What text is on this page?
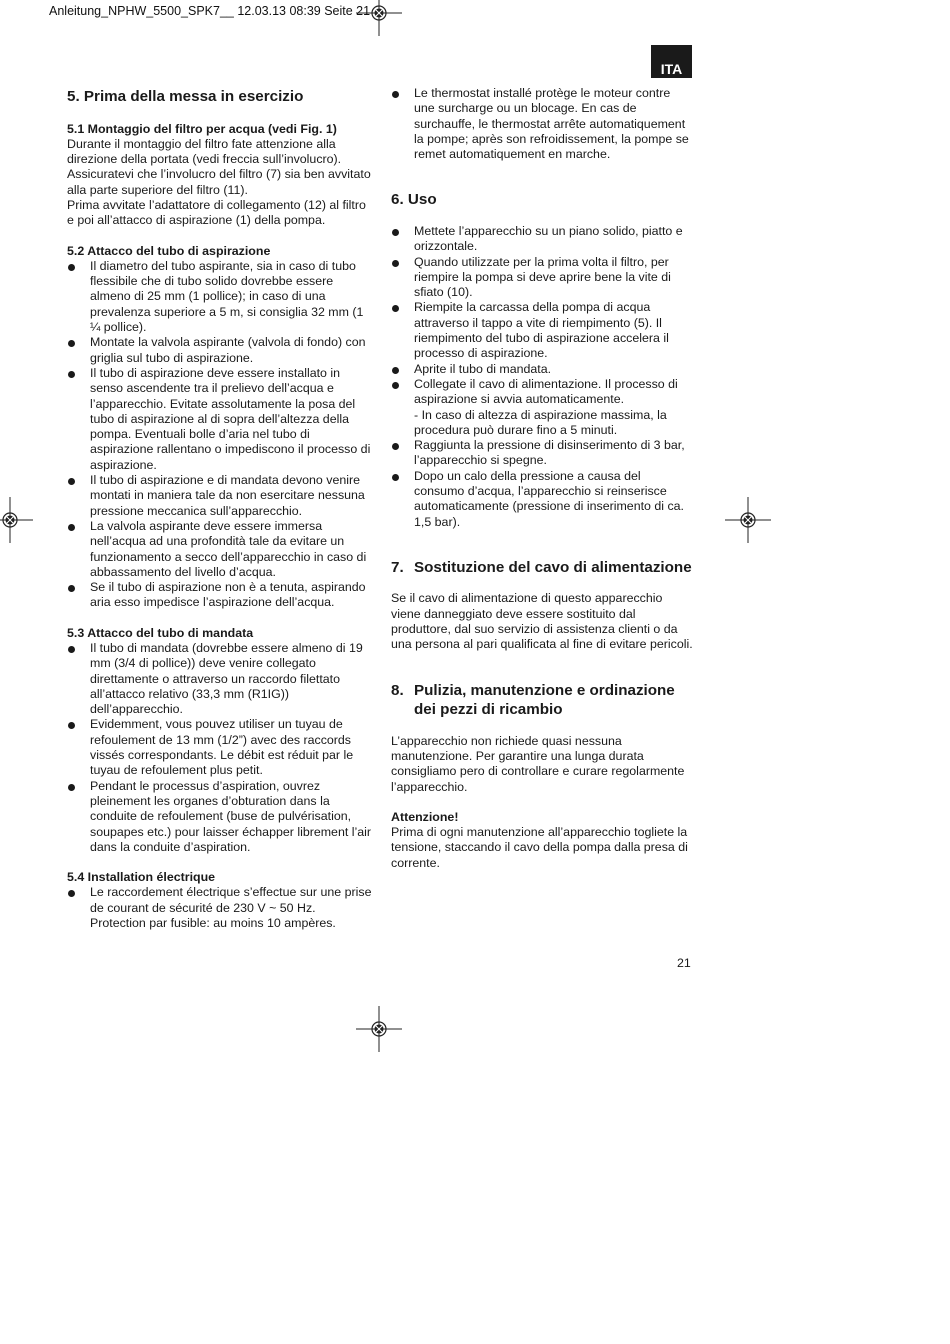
Anleitung_NPHW_5500_SPK7__ 12.03.13 08:39 Seite 21
ITA
5.
Prima della messa in esercizio
5.1 Montaggio del filtro per acqua (vedi Fig. 1)

Durante il montaggio del filtro fate attenzione alla direzione della portata (vedi freccia sull’involucro). Assicuratevi che l’involucro del filtro (7) sia ben avvitato alla parte superiore del filtro (11).

Prima avvitate l’adattatore di collegamento (12) al filtro e poi all’attacco di aspirazione (1) della pompa.

5.2 Attacco del tubo di aspirazione
Il diametro del tubo aspirante, sia in caso di tubo flessibile che di tubo solido dovrebbe essere almeno di 25 mm (1 pollice); in caso di una prevalenza superiore a 5 m, si consiglia 32 mm (1 ¼ pollice).
Montate la valvola aspirante (valvola di fondo) con griglia sul tubo di aspirazione.
Il tubo di aspirazione deve essere installato in senso ascendente tra il prelievo dell’acqua e l’apparecchio. Evitate assolutamente la posa del tubo di aspirazione al di sopra dell’altezza della pompa. Eventuali bolle d’aria nel tubo di aspirazione rallentano o impediscono il processo di aspirazione.
Il tubo di aspirazione e di mandata devono venire montati in maniera tale da non esercitare nessuna pressione meccanica sull’apparecchio.
La valvola aspirante deve essere immersa nell’acqua ad una profondità tale da evitare un funzionamento a secco dell’apparecchio in caso di abbassamento del livello d’acqua.
Se il tubo di aspirazione non è a tenuta, aspirando aria esso impedisce l’aspirazione dell’acqua.
5.3 Attacco del tubo di mandata
Il tubo di mandata (dovrebbe essere almeno di 19 mm (3/4 di pollice)) deve venire collegato direttamente o attraverso un raccordo filettato all’attacco relativo (33,3 mm (R1IG)) dell’apparecchio.
Evidemment, vous pouvez utiliser un tuyau de refoulement de 13 mm (1/2”) avec des raccords vissés correspondants. Le débit est réduit par le tuyau de refoulement plus petit.
Pendant le processus d’aspiration, ouvrez pleinement les organes d’obturation dans la conduite de refoulement (buse de pulvérisation, soupapes etc.) pour laisser échapper librement l’air dans la conduite d’aspiration.
5.4 Installation électrique
Le raccordement électrique s’effectue sur une prise de courant de sécurité de 230 V ~ 50 Hz. Protection par fusible: au moins 10 ampères.
Le thermostat installé protège le moteur contre une surcharge ou un blocage. En cas de surchauffe, le thermostat arrête automatiquement la pompe; après son refroidissement, la pompe se remet automatiquement en marche.
6.
Uso
Mettete l’apparecchio su un piano solido, piatto e orizzontale.
Quando utilizzate per la prima volta il filtro, per riempire la pompa si deve aprire bene la vite di sfiato (10).
Riempite la carcassa della pompa di acqua attraverso il tappo a vite di riempimento (5). Il riempimento del tubo di aspirazione accelera il processo di aspirazione.
Aprite il tubo di mandata.
Collegate il cavo di alimentazione. Il processo di aspirazione si avvia automaticamente.
- In caso di altezza di aspirazione massima, la procedura può durare fino a 5 minuti.
Raggiunta la pressione di disinserimento di 3 bar, l’apparecchio si spegne.
Dopo un calo della pressione a causa del consumo d’acqua, l’apparecchio si reinserisce automaticamente (pressione di inserimento di ca. 1,5 bar).
7. Sostituzione del cavo di alimentazione

Se il cavo di alimentazione di questo apparecchio viene danneggiato deve essere sostituito dal produttore, dal suo servizio di assistenza clienti o da una persona al pari qualificata al fine di evitare pericoli.

8. Pulizia, manutenzione e ordinazione dei pezzi di ricambio

L’apparecchio non richiede quasi nessuna manutenzione. Per garantire una lunga durata consigliamo pero di controllare e curare regolarmente l’apparecchio.

Attenzione!

Prima di ogni manutenzione all’apparecchio togliete la tensione, staccando il cavo della pompa dalla presa di corrente.

21
